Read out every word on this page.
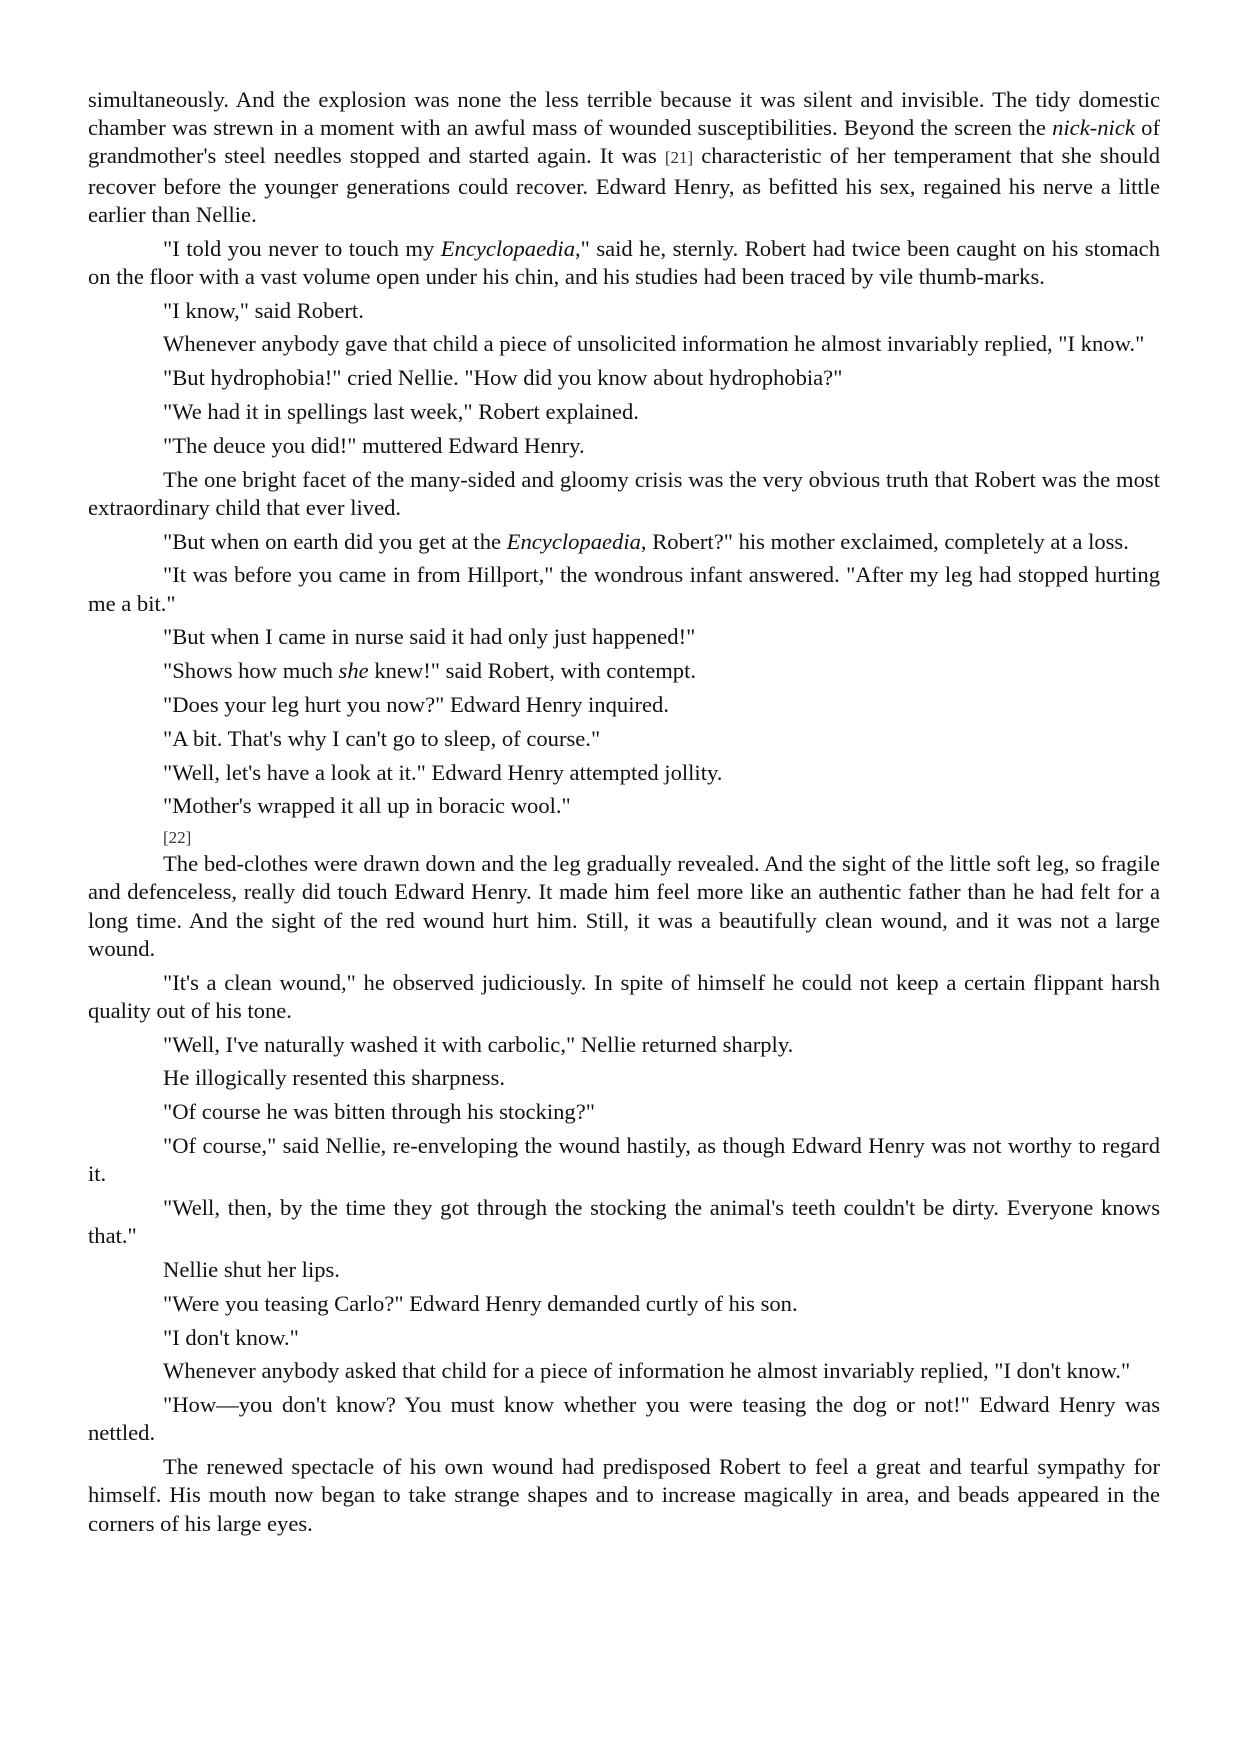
simultaneously. And the explosion was none the less terrible because it was silent and invisible. The tidy domestic chamber was strewn in a moment with an awful mass of wounded susceptibilities. Beyond the screen the nick-nick of grandmother's steel needles stopped and started again. It was [21] characteristic of her temperament that she should recover before the younger generations could recover. Edward Henry, as befitted his sex, regained his nerve a little earlier than Nellie.

"I told you never to touch my Encyclopaedia," said he, sternly. Robert had twice been caught on his stomach on the floor with a vast volume open under his chin, and his studies had been traced by vile thumb-marks.

"I know," said Robert.

Whenever anybody gave that child a piece of unsolicited information he almost invariably replied, "I know."

"But hydrophobia!" cried Nellie. "How did you know about hydrophobia?"

"We had it in spellings last week," Robert explained.

"The deuce you did!" muttered Edward Henry.

The one bright facet of the many-sided and gloomy crisis was the very obvious truth that Robert was the most extraordinary child that ever lived.

"But when on earth did you get at the Encyclopaedia, Robert?" his mother exclaimed, completely at a loss.

"It was before you came in from Hillport," the wondrous infant answered. "After my leg had stopped hurting me a bit."

"But when I came in nurse said it had only just happened!"

"Shows how much she knew!" said Robert, with contempt.

"Does your leg hurt you now?" Edward Henry inquired.

"A bit. That's why I can't go to sleep, of course."

"Well, let's have a look at it." Edward Henry attempted jollity.

"Mother's wrapped it all up in boracic wool."

[22]

The bed-clothes were drawn down and the leg gradually revealed. And the sight of the little soft leg, so fragile and defenceless, really did touch Edward Henry. It made him feel more like an authentic father than he had felt for a long time. And the sight of the red wound hurt him. Still, it was a beautifully clean wound, and it was not a large wound.

"It's a clean wound," he observed judiciously. In spite of himself he could not keep a certain flippant harsh quality out of his tone.

"Well, I've naturally washed it with carbolic," Nellie returned sharply.

He illogically resented this sharpness.

"Of course he was bitten through his stocking?"

"Of course," said Nellie, re-enveloping the wound hastily, as though Edward Henry was not worthy to regard it.

"Well, then, by the time they got through the stocking the animal's teeth couldn't be dirty. Everyone knows that."

Nellie shut her lips.

"Were you teasing Carlo?" Edward Henry demanded curtly of his son.

"I don't know."

Whenever anybody asked that child for a piece of information he almost invariably replied, "I don't know."

"How—you don't know? You must know whether you were teasing the dog or not!" Edward Henry was nettled.

The renewed spectacle of his own wound had predisposed Robert to feel a great and tearful sympathy for himself. His mouth now began to take strange shapes and to increase magically in area, and beads appeared in the corners of his large eyes.
